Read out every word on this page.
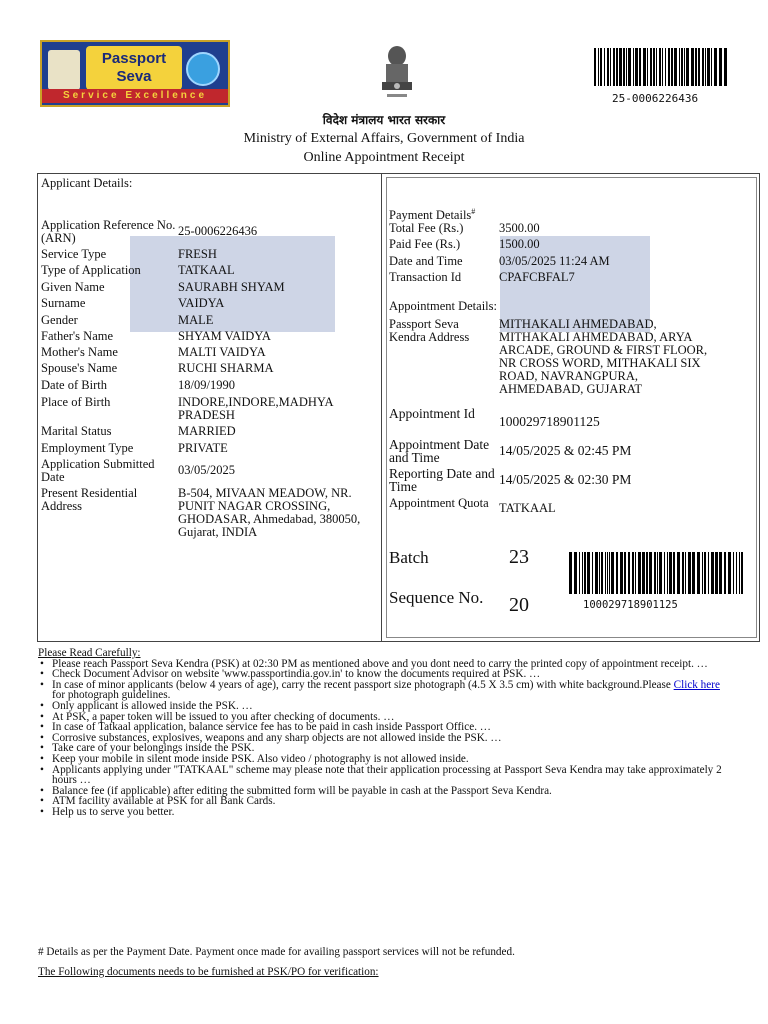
Passport
Seva
Service Excellence
विदेश मंत्रालय भारत सरकार
Ministry of External Affairs, Government of India
Online Appointment Receipt
25-0006226436
Applicant Details:
Application Reference No.(ARN)	25-0006226436
Service Type	FRESH
Type of Application	TATKAAL
Given Name	SAURABH SHYAM
Surname	VAIDYA
Gender	MALE
Father's Name	SHYAM VAIDYA
Mother's Name	MALTI VAIDYA
Spouse's Name	RUCHI SHARMA
Date of Birth	18/09/1990
Place of Birth	INDORE,INDORE,MADHYA PRADESH
Marital Status	MARRIED
Employment Type	PRIVATE
Application Submitted Date	03/05/2025
Present Residential Address
B-504, MIVAAN MEADOW, NR. PUNIT NAGAR CROSSING, GHODASAR, Ahmedabad, 380050, Gujarat, INDIA
Payment Details#
Total Fee (Rs.)	3500.00
Paid Fee (Rs.)	1500.00
Date and Time	03/05/2025 11:24 AM
Transaction Id	CPAFCBFAL7
Appointment Details:
Passport Seva Kendra Address
MITHAKALI AHMEDABAD, MITHAKALI AHMEDABAD, ARYA ARCADE, GROUND & FIRST FLOOR, NR CROSS WORD, MITHAKALI SIX ROAD, NAVRANGPURA, AHMEDABAD, GUJARAT
Appointment Id
100029718901125
Appointment Date and Time	14/05/2025 & 02:45 PM
Reporting Date and Time	14/05/2025 & 02:30 PM
Appointment Quota TATKAAL
Batch	23
Sequence No. 20	100029718901125
Please Read Carefully:
• Please reach Passport Seva Kendra (PSK) at 02:30 PM as mentioned above and you dont need to carry the printed copy of appointment receipt. …
• Check Document Advisor on website 'www.passportindia.gov.in' to know the documents required at PSK. …
• In case of minor applicants (below 4 years of age), carry the recent passport size photograph (4.5 X 3.5 cm) with white background.Please Click here for photograph guidelines.
• Only applicant is allowed inside the PSK. …
• At PSK, a paper token will be issued to you after checking of documents. …
• In case of Tatkaal application, balance service fee has to be paid in cash inside Passport Office. …
• Corrosive substances, explosives, weapons and any sharp objects are not allowed inside the PSK. …
• Take care of your belongings inside the PSK.
• Keep your mobile in silent mode inside PSK. Also video / photography is not allowed inside.
• Applicants applying under "TATKAAL" scheme may please note that their application processing at Passport Seva Kendra may take approximately 2 hours …
• Balance fee (if applicable) after editing the submitted form will be payable in cash at the Passport Seva Kendra.
• ATM facility available at PSK for all Bank Cards.
• Help us to serve you better.
# Details as per the Payment Date. Payment once made for availing passport services will not be refunded.
The Following documents needs to be furnished at PSK/PO for verification:
